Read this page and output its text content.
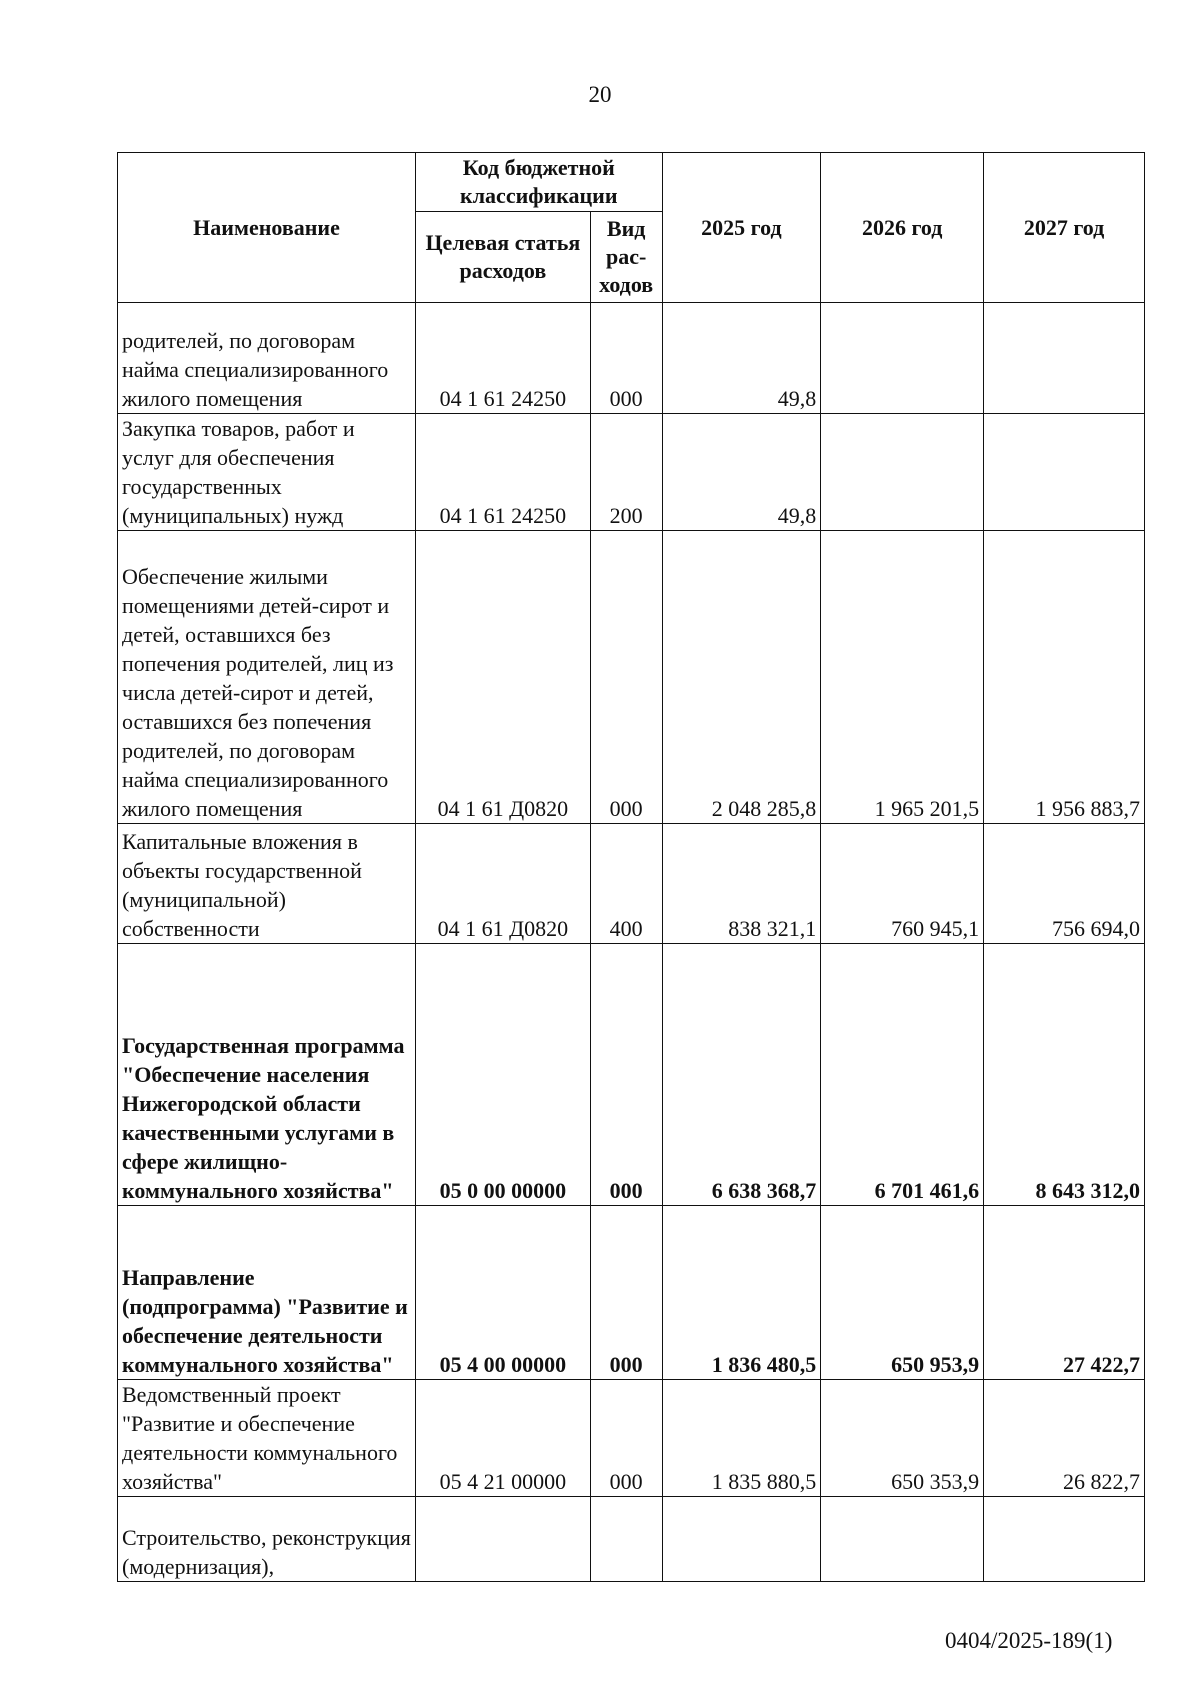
20
Наименование	Код бюджетной классификации		2025 год	2026 год	2027 год
	Целевая статья расходов	Вид рас-ходов			
родителей, по договорам найма специализированного жилого помещения	04 1 61 24250	000	49,8		
Закупка товаров, работ и услуг для обеспечения государственных (муниципальных) нужд	04 1 61 24250	200	49,8		
Обеспечение жилыми помещениями детей-сирот и детей, оставшихся без попечения родителей, лиц из числа детей-сирот и детей, оставшихся без попечения родителей, по договорам найма специализированного жилого помещения	04 1 61 Д0820	000	2 048 285,8	1 965 201,5	1 956 883,7
Капитальные вложения в объекты государственной (муниципальной) собственности	04 1 61 Д0820	400	838 321,1	760 945,1	756 694,0
Государственная программа "Обеспечение населения Нижегородской области качественными услугами в сфере жилищно-коммунального хозяйства"	05 0 00 00000	000	6 638 368,7	6 701 461,6	8 643 312,0
Направление (подпрограмма) "Развитие и обеспечение деятельности коммунального хозяйства"	05 4 00 00000	000	1 836 480,5	650 953,9	27 422,7
Ведомственный проект "Развитие и обеспечение деятельности коммунального хозяйства"	05 4 21 00000	000	1 835 880,5	650 353,9	26 822,7
Строительство, реконструкция (модернизация),					
0404/2025-189(1)
